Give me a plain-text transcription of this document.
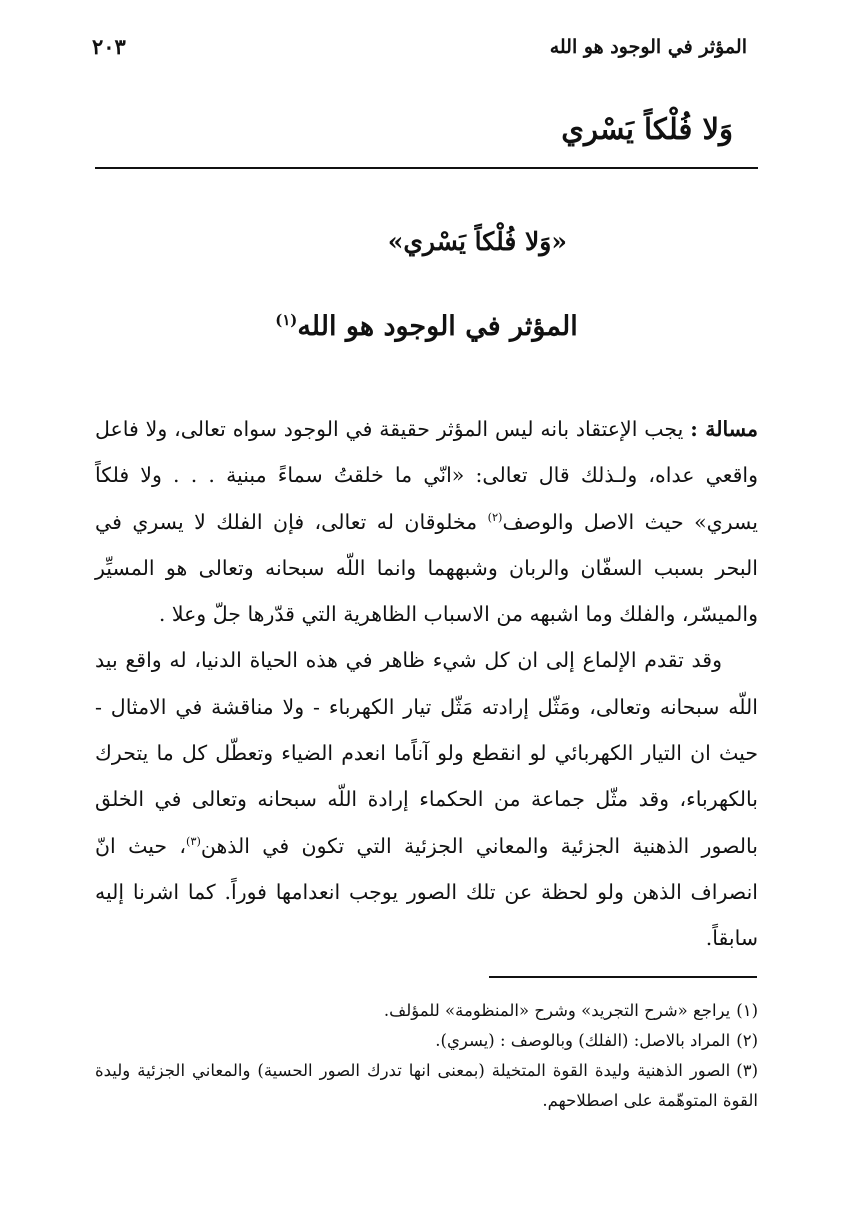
المؤثر في الوجود هو الله
٢٠٣
وَلا فُلْكاً يَسْري
«وَلا فُلْكاً يَسْري»
المؤثر في الوجود هو الله$^{(١)}$

مسالة : يجب الإعتقاد بانه ليس المؤثر حقيقة في الوجود سواه تعالى، ولا فاعل واقعي عداه، ولـذلك قال تعالى: «انّي ما خلقتُ سماءً مبنية . . . ولا فلكاً يسري» حيث الاصل والوصف$^{(٢)}$ مخلوقان له تعالى، فإن الفلك لا يسري في البحر بسبب السفّان والربان وشبههما وانما اللّه سبحانه وتعالى هو المسيِّر والميسّر، والفلك وما اشبهه من الاسباب الظاهرية التي قدّرها جلّ وعلا .

وقد تقدم الإلماع إلى ان كل شيء ظاهر في هذه الحياة الدنيا، له واقع بيد اللّه سبحانه وتعالى، ومَثّل إرادته مَثّل تيار الكهرباء - ولا مناقشة في الامثال - حيث ان التيار الكهربائي لو انقطع ولو آناًما انعدم الضياء وتعطّل كل ما يتحرك بالكهرباء، وقد مثّل جماعة من الحكماء إرادة اللّه سبحانه وتعالى في الخلق بالصور الذهنية الجزئية والمعاني الجزئية التي تكون في الذهن$^{(٣)}$، حيث انّ انصراف الذهن ولو لحظة عن تلك الصور يوجب انعدامها فوراً. كما اشرنا إليه سابقاً.

(١)يراجع «شرح التجريد» وشرح «المنظومة» للمؤلف.

(٢)المراد بالاصل: (الفلك) وبالوصف : (يسري).

(٣)الصور الذهنية وليدة القوة المتخيلة (بمعنى انها تدرك الصور الحسية) والمعاني الجزئية وليدة القوة المتوهّمة على اصطلاحهم.
